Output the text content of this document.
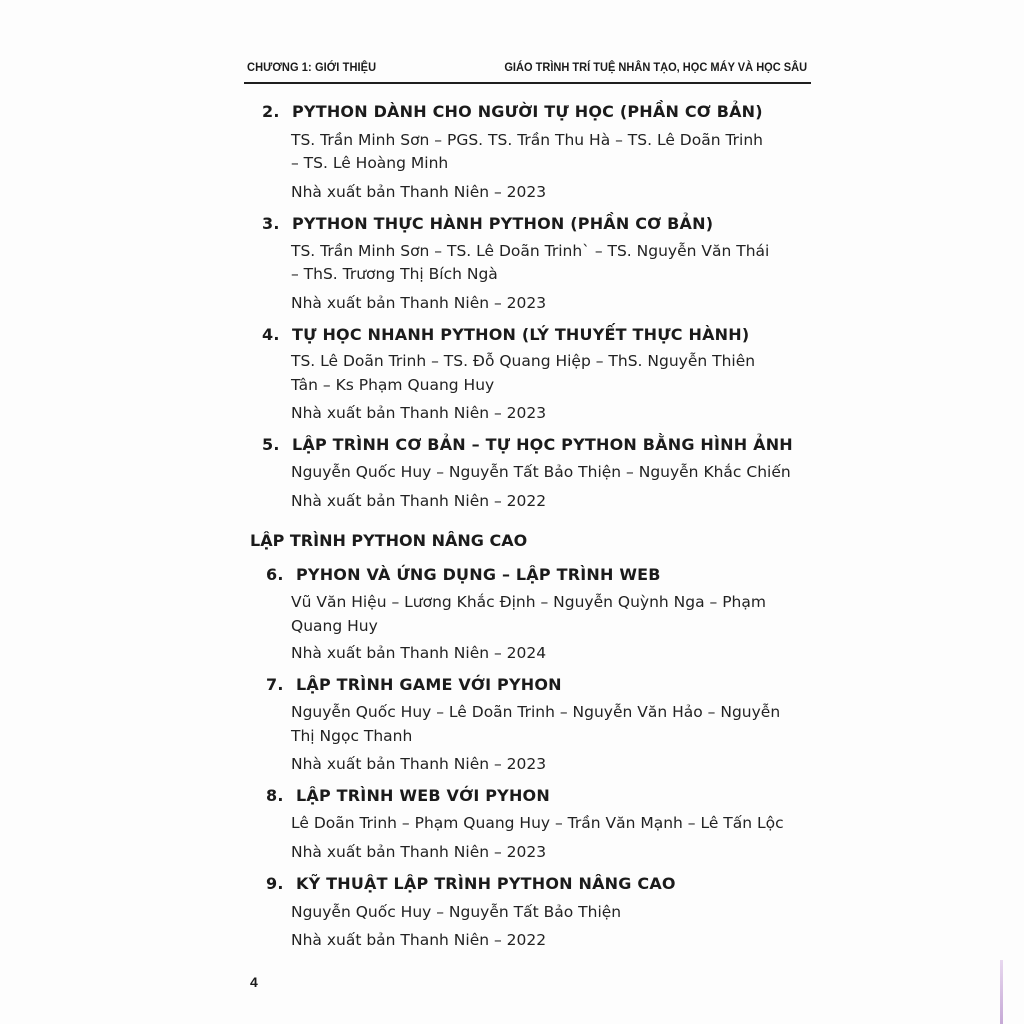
CHƯƠNG 1: GIỚI THIỆU	GIÁO TRÌNH TRÍ TUỆ NHÂN TẠO, HỌC MÁY VÀ HỌC SÂU
2. PYTHON DÀNH CHO NGƯỜI TỰ HỌC (PHẦN CƠ BẢN)
TS. Trần Minh Sơn – PGS. TS. Trần Thu Hà – TS. Lê Doãn Trinh
– TS. Lê Hoàng Minh
Nhà xuất bản Thanh Niên – 2023
3. PYTHON THỰC HÀNH PYTHON (PHẦN CƠ BẢN)
TS. Trần Minh Sơn – TS. Lê Doãn Trinh` – TS. Nguyễn Văn Thái
– ThS. Trương Thị Bích Ngà
Nhà xuất bản Thanh Niên – 2023
4. TỰ HỌC NHANH PYTHON (LÝ THUYẾT THỰC HÀNH)
TS. Lê Doãn Trinh – TS. Đỗ Quang Hiệp – ThS. Nguyễn Thiên
Tân – Ks Phạm Quang Huy
Nhà xuất bản Thanh Niên – 2023
5. LẬP TRÌNH CƠ BẢN – TỰ HỌC PYTHON BẰNG HÌNH ẢNH
Nguyễn Quốc Huy – Nguyễn Tất Bảo Thiện – Nguyễn Khắc Chiến
Nhà xuất bản Thanh Niên – 2022
LẬP TRÌNH PYTHON NÂNG CAO
6. PYHON VÀ ỨNG DỤNG – LẬP TRÌNH WEB
Vũ Văn Hiệu – Lương Khắc Định – Nguyễn Quỳnh Nga – Phạm
Quang Huy
Nhà xuất bản Thanh Niên – 2024
7. LẬP TRÌNH GAME VỚI PYHON
Nguyễn Quốc Huy – Lê Doãn Trinh – Nguyễn Văn Hảo – Nguyễn
Thị Ngọc Thanh
Nhà xuất bản Thanh Niên – 2023
8. LẬP TRÌNH WEB VỚI PYHON
Lê Doãn Trinh – Phạm Quang Huy – Trần Văn Mạnh – Lê Tấn Lộc
Nhà xuất bản Thanh Niên – 2023
9. KỸ THUẬT LẬP TRÌNH PYTHON NÂNG CAO
Nguyễn Quốc Huy – Nguyễn Tất Bảo Thiện
Nhà xuất bản Thanh Niên – 2022
4
